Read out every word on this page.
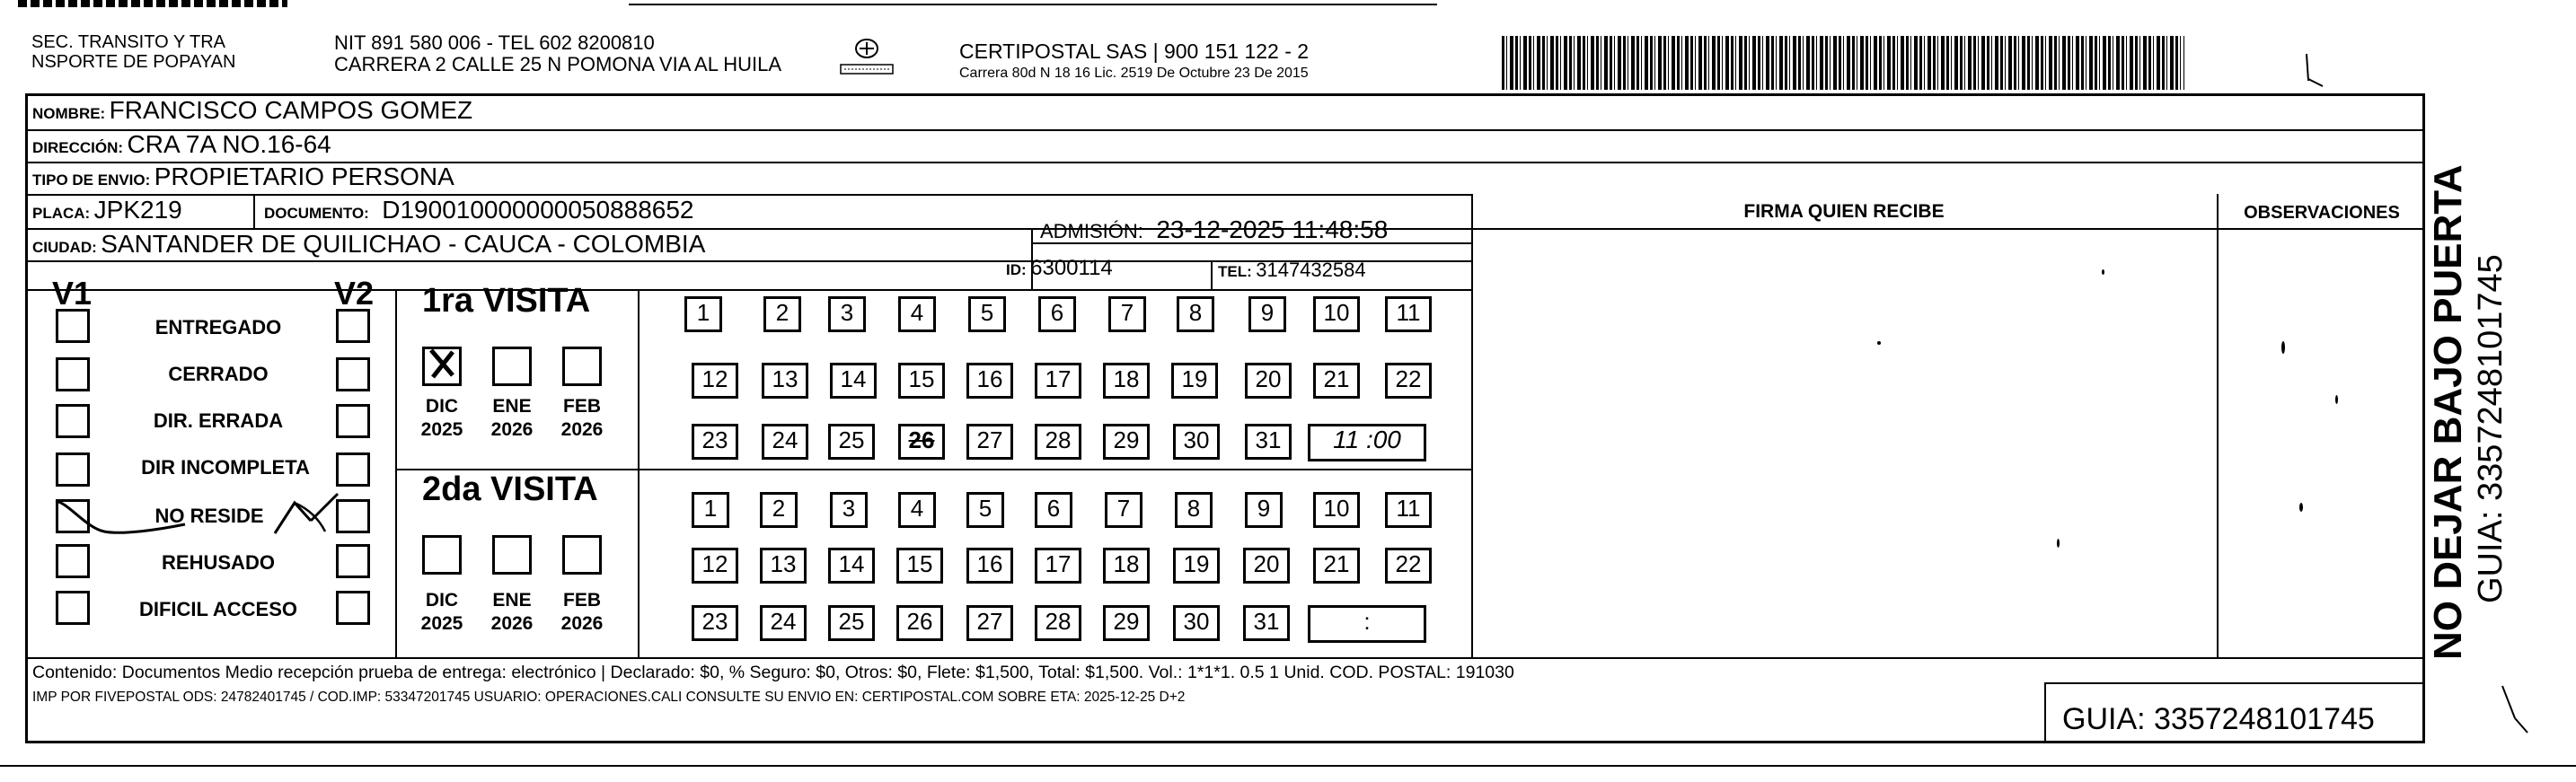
SEC. TRANSITO Y TRA
NSPORTE DE POPAYAN
NIT 891 580 006 - TEL 602 8200810
CARRERA 2 CALLE 25 N POMONA VIA AL HUILA
CERTIPOSTAL SAS | 900 151 122 - 2
Carrera 80d N 18 16 Lic. 2519 De Octubre 23 De 2015
NOMBRE: FRANCISCO CAMPOS GOMEZ
DIRECCIÓN: CRA 7A NO.16-64
TIPO DE ENVIO: PROPIETARIO PERSONA
PLACA: JPK219	DOCUMENTO: D190010000000050888652
ADMISIÓN: 23-12-2025 11:48:58
CIUDAD: SANTANDER DE QUILICHAO - CAUCA - COLOMBIA
ID: 6300114	TEL: 3147432584
FIRMA QUIEN RECIBE	OBSERVACIONES
V1	V2
ENTREGADO
CERRADO
DIR. ERRADA
DIR INCOMPLETA
NO RESIDE
REHUSADO
DIFICIL ACCESO
1ra VISITA
DIC
2025
ENE
2026
FEB
2026
1	2	3	4	5	6	7	8	9	10	11
12	13	14	15	16	17	18	19	20	21	22
23	24	25	26	27	28	29	30	31	11 :00
2da VISITA
DIC
2025
ENE
2026
FEB
2026
1	2	3	4	5	6	7	8	9	10	11
12	13	14	15	16	17	18	19	20	21	22
23	24	25	26	27	28	29	30	31	:
Contenido: Documentos Medio recepción prueba de entrega: electrónico | Declarado: $0, % Seguro: $0, Otros: $0, Flete: $1,500, Total: $1,500. Vol.: 1*1*1. 0.5 1 Unid. COD. POSTAL: 191030
IMP POR FIVEPOSTAL ODS: 24782401745 / COD.IMP: 53347201745 USUARIO: OPERACIONES.CALI CONSULTE SU ENVIO EN: CERTIPOSTAL.COM SOBRE ETA: 2025-12-25 D+2
GUIA: 3357248101745
NO DEJAR BAJO PUERTA GUIA: 3357248101745
